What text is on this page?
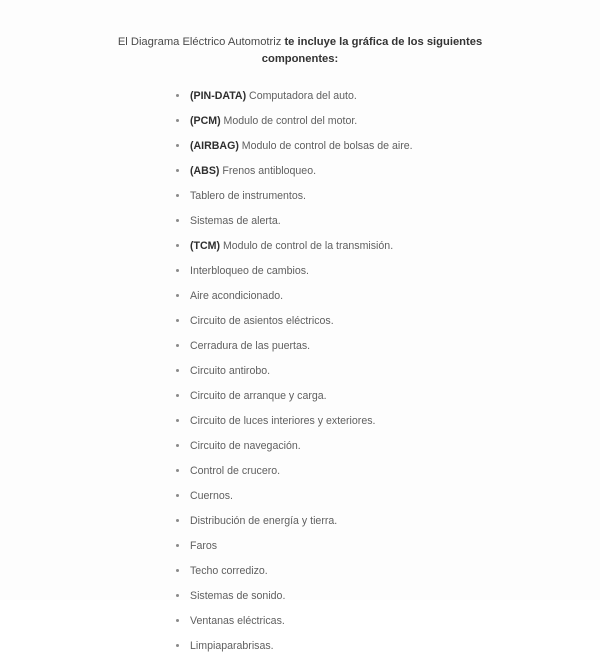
El Diagrama Eléctrico Automotriz te incluye la gráfica de los siguientes componentes:

(PIN-DATA) Computadora del auto.
(PCM) Modulo de control del motor.
(AIRBAG) Modulo de control de bolsas de aire.
(ABS) Frenos antibloqueo.
Tablero de instrumentos.
Sistemas de alerta.
(TCM) Modulo de control de la transmisión.
Interbloqueo de cambios.
Aire acondicionado.
Circuito de asientos eléctricos.
Cerradura de las puertas.
Circuito antirobo.
Circuito de arranque y carga.
Circuito de luces interiores y exteriores.
Circuito de navegación.
Control de crucero.
Cuernos.
Distribución de energía y tierra.
Faros
Techo corredizo.
Sistemas de sonido.
Ventanas eléctricas.
Limpiaparabrisas.
